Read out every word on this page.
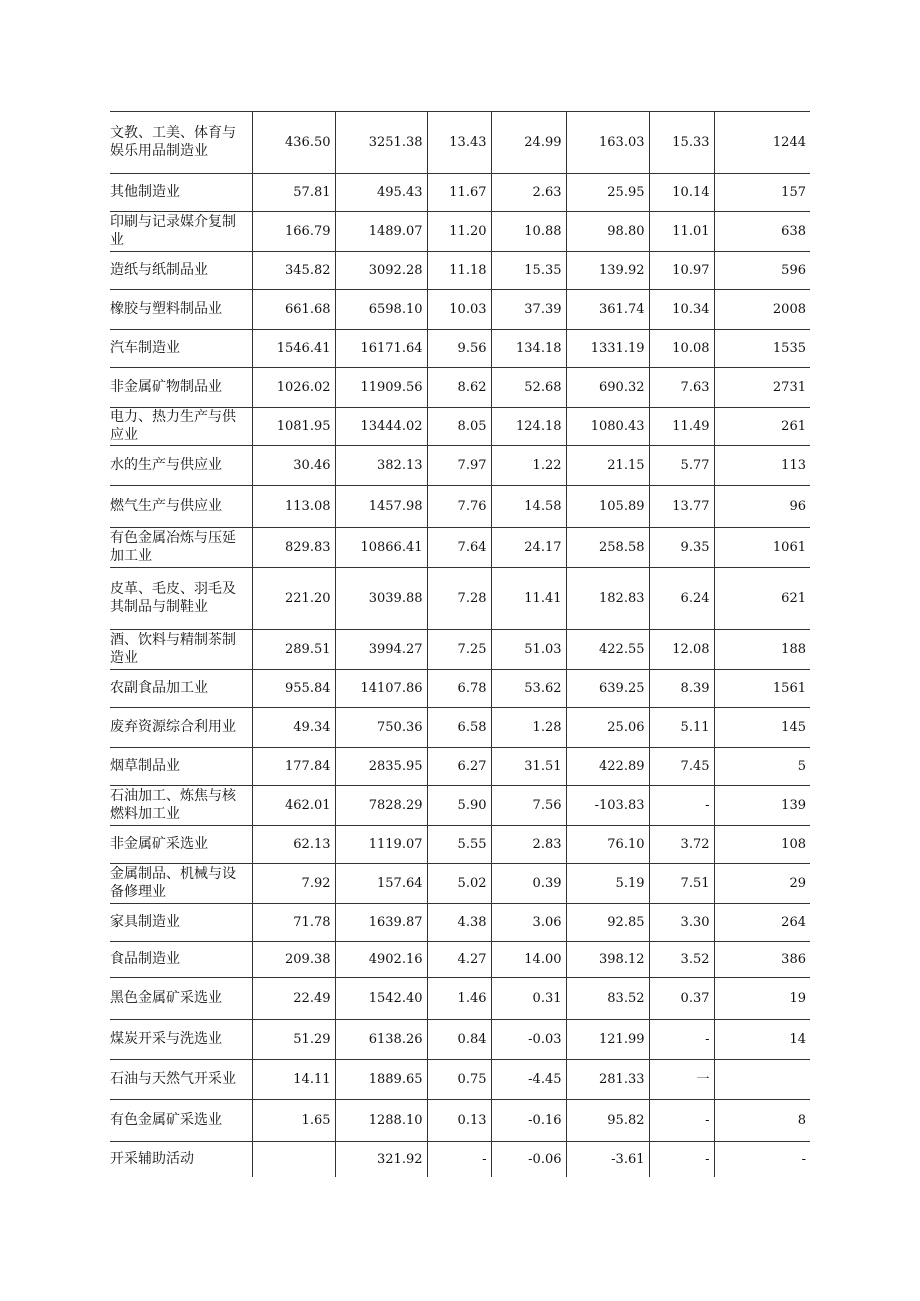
文教、工美、体育与娱乐用品制造业	436.50	3251.38	13.43	24.99	163.03	15.33	1244
其他制造业	57.81	495.43	11.67	2.63	25.95	10.14	157
印刷与记录媒介复制业	166.79	1489.07	11.20	10.88	98.80	11.01	638
造纸与纸制品业	345.82	3092.28	11.18	15.35	139.92	10.97	596
橡胶与塑料制品业	661.68	6598.10	10.03	37.39	361.74	10.34	2008
汽车制造业	1546.41	16171.64	9.56	134.18	1331.19	10.08	1535
非金属矿物制品业	1026.02	11909.56	8.62	52.68	690.32	7.63	2731
电力、热力生产与供应业	1081.95	13444.02	8.05	124.18	1080.43	11.49	261
水的生产与供应业	30.46	382.13	7.97	1.22	21.15	5.77	113
燃气生产与供应业	113.08	1457.98	7.76	14.58	105.89	13.77	96
有色金属冶炼与压延加工业	829.83	10866.41	7.64	24.17	258.58	9.35	1061
皮革、毛皮、羽毛及其制品与制鞋业	221.20	3039.88	7.28	11.41	182.83	6.24	621
酒、饮料与精制茶制造业	289.51	3994.27	7.25	51.03	422.55	12.08	188
农副食品加工业	955.84	14107.86	6.78	53.62	639.25	8.39	1561
废弃资源综合利用业	49.34	750.36	6.58	1.28	25.06	5.11	145
烟草制品业	177.84	2835.95	6.27	31.51	422.89	7.45	5
石油加工、炼焦与核燃料加工业	462.01	7828.29	5.90	7.56	-103.83	-	139
非金属矿采选业	62.13	1119.07	5.55	2.83	76.10	3.72	108
金属制品、机械与设备修理业	7.92	157.64	5.02	0.39	5.19	7.51	29
家具制造业	71.78	1639.87	4.38	3.06	92.85	3.30	264
食品制造业	209.38	4902.16	4.27	14.00	398.12	3.52	386
黑色金属矿采选业	22.49	1542.40	1.46	0.31	83.52	0.37	19
煤炭开采与洗选业	51.29	6138.26	0.84	-0.03	121.99	-	14
石油与天然气开采业	14.11	1889.65	0.75	-4.45	281.33	一	
有色金属矿采选业	1.65	1288.10	0.13	-0.16	95.82	-	8
开采辅助活动		321.92	-	-0.06	-3.61	-	-
